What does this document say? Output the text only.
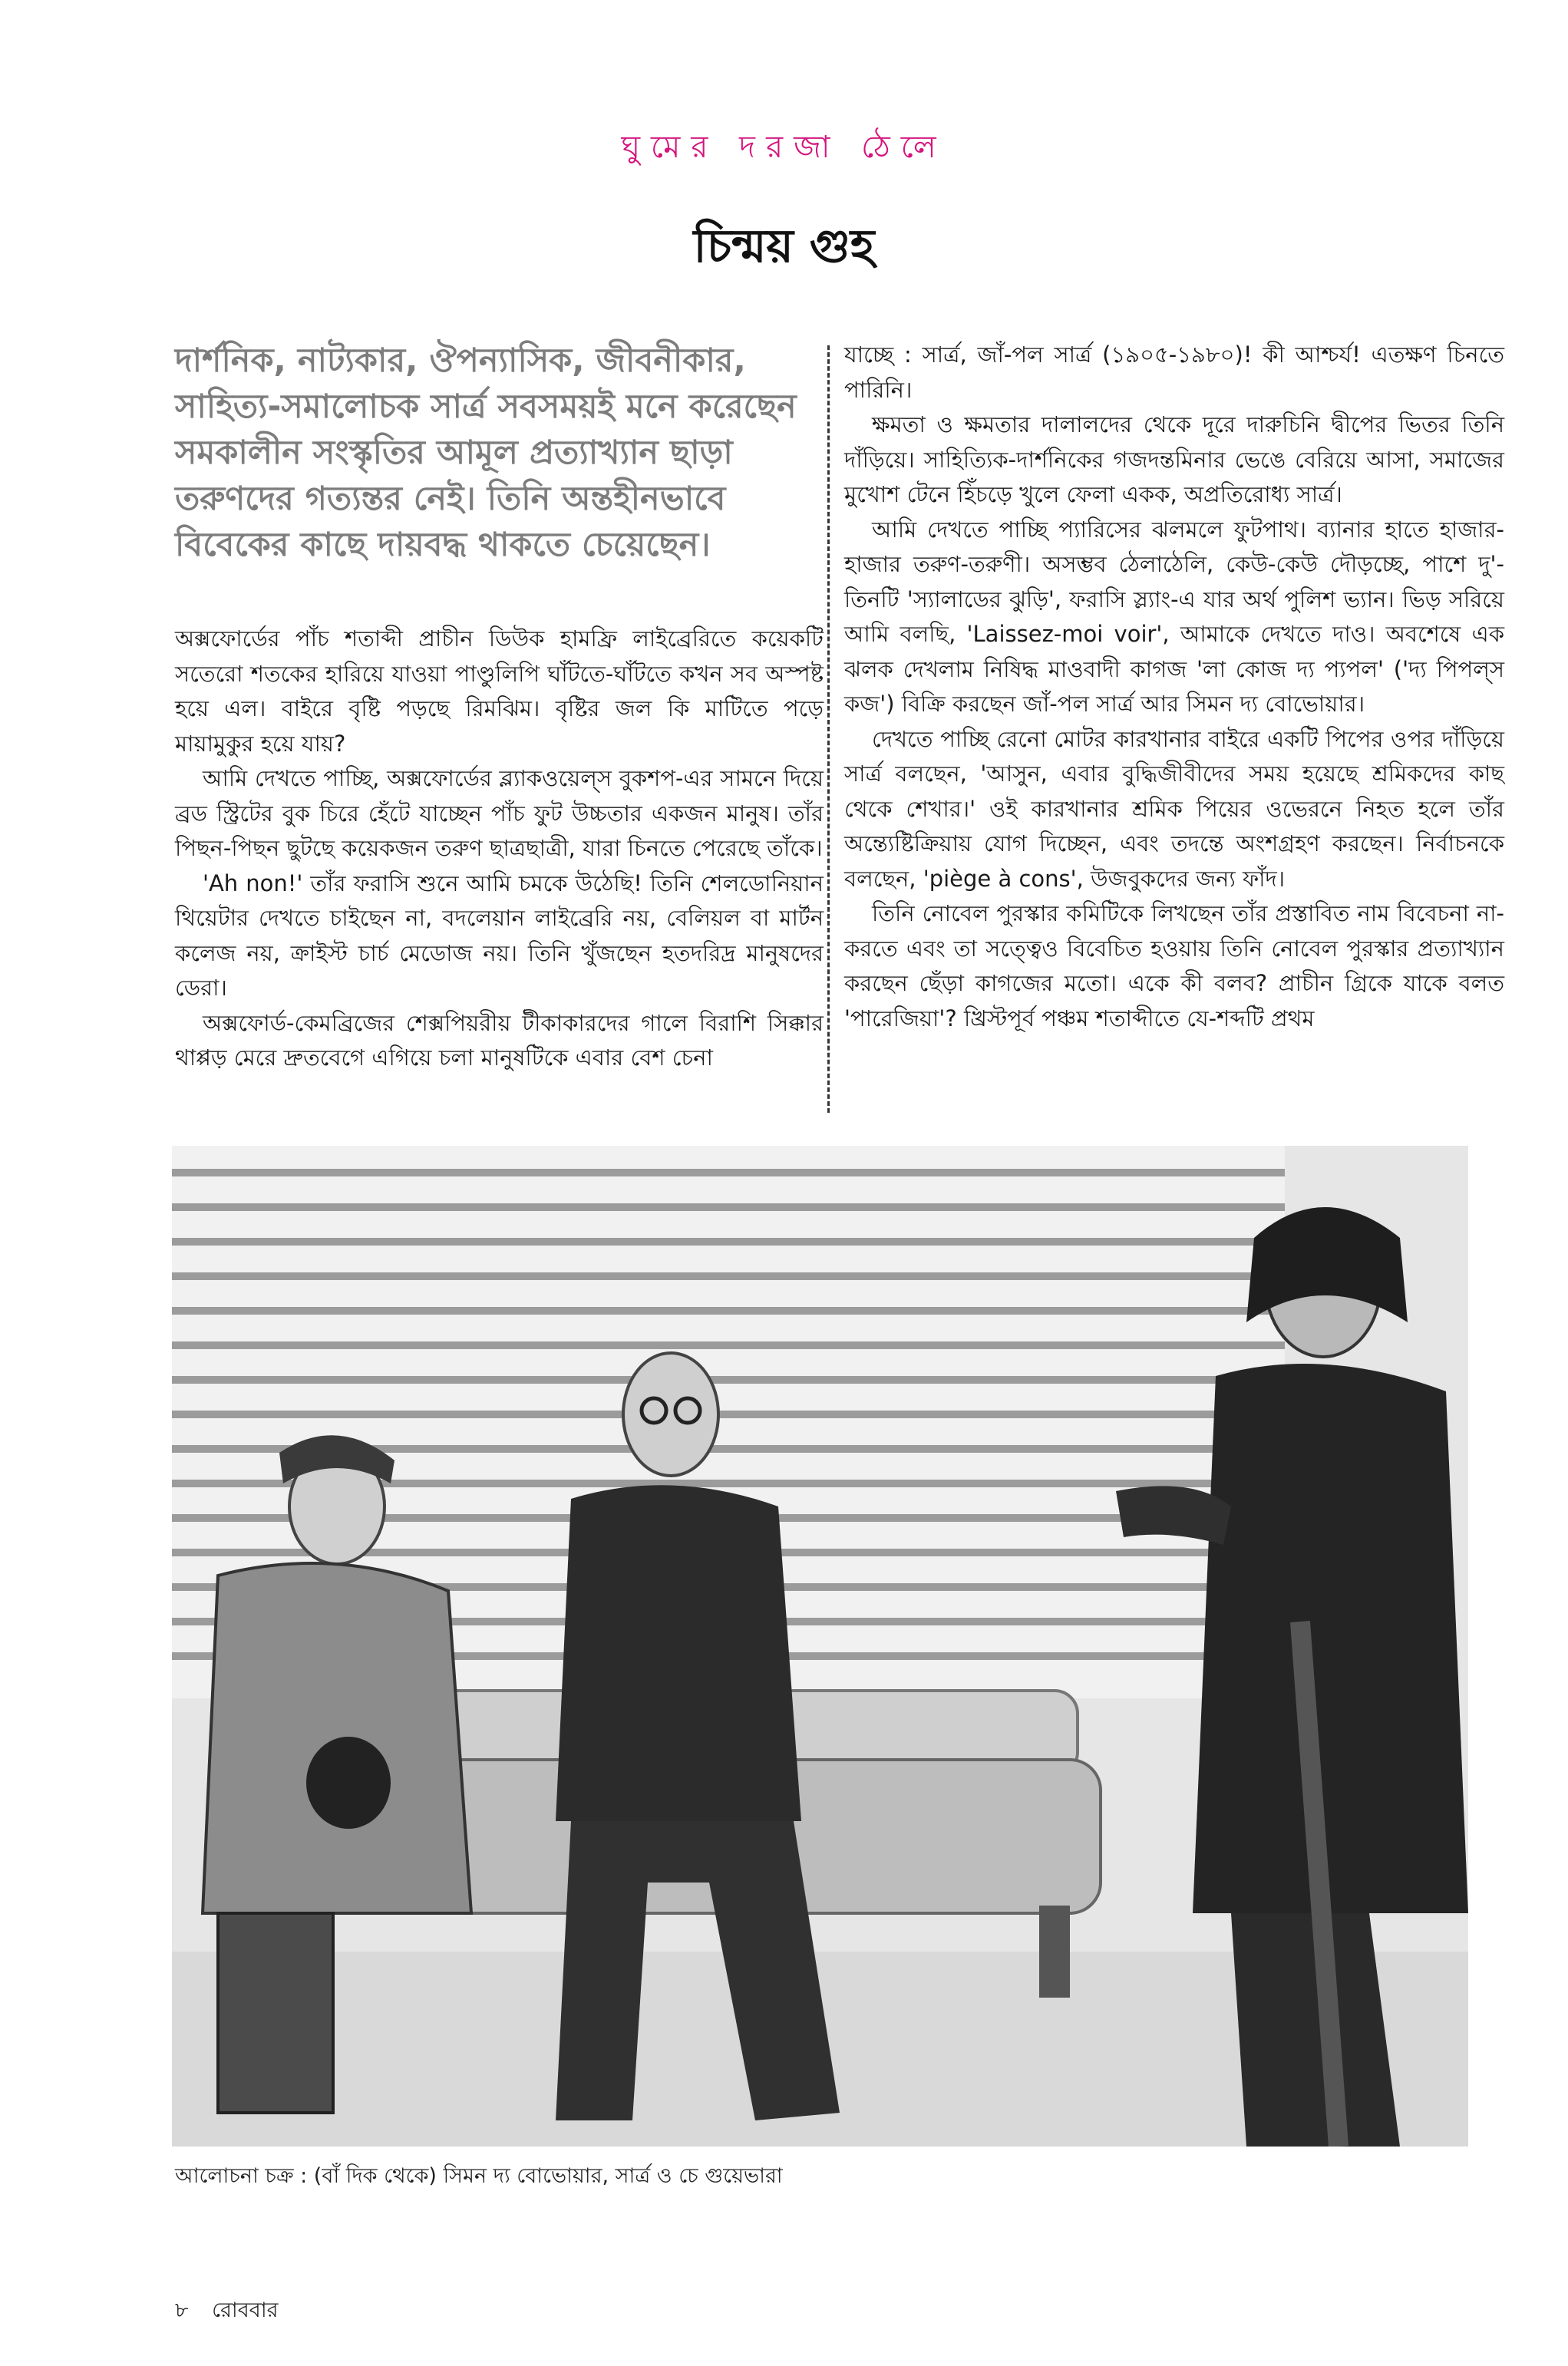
ঘুমের দরজা ঠেলে
চিন্ময় গুহ

দার্শনিক, নাট্যকার, ঔপন্যাসিক, জীবনীকার, সাহিত্য-সমালোচক সার্ত্র সবসময়ই মনে করেছেন সমকালীন সংস্কৃতির আমূল প্রত্যাখ্যান ছাড়া তরুণদের গত্যন্তর নেই। তিনি অন্তহীনভাবে বিবেকের কাছে দায়বদ্ধ থাকতে চেয়েছেন।

অক্সফোর্ডের পাঁচ শতাব্দী প্রাচীন ডিউক হামফ্রি লাইব্রেরিতে কয়েকটি সতেরো শতকের হারিয়ে যাওয়া পাণ্ডুলিপি ঘাঁটতে-ঘাঁটতে কখন সব অস্পষ্ট হয়ে এল। বাইরে বৃষ্টি পড়ছে রিমঝিম। বৃষ্টির জল কি মাটিতে পড়ে মায়ামুকুর হয়ে যায়?

আমি দেখতে পাচ্ছি, অক্সফোর্ডের ব্ল্যাকওয়েল্‌স বুকশপ-এর সামনে দিয়ে ব্রড স্ট্রিটের বুক চিরে হেঁটে যাচ্ছেন পাঁচ ফুট উচ্চতার একজন মানুষ। তাঁর পিছন-পিছন ছুটছে কয়েকজন তরুণ ছাত্রছাত্রী, যারা চিনতে পেরেছে তাঁকে।

'Ah non!' তাঁর ফরাসি শুনে আমি চমকে উঠেছি! তিনি শেলডোনিয়ান থিয়েটার দেখতে চাইছেন না, বদলেয়ান লাইব্রেরি নয়, বেলিয়ল বা মার্টন কলেজ নয়, ক্রাইস্ট চার্চ মেডোজ নয়। তিনি খুঁজছেন হতদরিদ্র মানুষদের ডেরা।

অক্সফোর্ড-কেমব্রিজের শেক্সপিয়রীয় টীকাকারদের গালে বিরাশি সিক্কার থাপ্পড় মেরে দ্রুতবেগে এগিয়ে চলা মানুষটিকে এবার বেশ চেনা

যাচ্ছে : সার্ত্র, জাঁ-পল সার্ত্র (১৯০৫-১৯৮০)! কী আশ্চর্য! এতক্ষণ চিনতে পারিনি।

ক্ষমতা ও ক্ষমতার দালালদের থেকে দূরে দারুচিনি দ্বীপের ভিতর তিনি দাঁড়িয়ে। সাহিত্যিক-দার্শনিকের গজদন্তমিনার ভেঙে বেরিয়ে আসা, সমাজের মুখোশ টেনে হিঁচড়ে খুলে ফেলা একক, অপ্রতিরোধ্য সার্ত্র।

আমি দেখতে পাচ্ছি প্যারিসের ঝলমলে ফুটপাথ। ব্যানার হাতে হাজার-হাজার তরুণ-তরুণী। অসম্ভব ঠেলাঠেলি, কেউ-কেউ দৌড়চ্ছে, পাশে দু'-তিনটি 'স্যালাডের ঝুড়ি', ফরাসি স্ল্যাং-এ যার অর্থ পুলিশ ভ্যান। ভিড় সরিয়ে আমি বলছি, 'Laissez-moi voir', আমাকে দেখতে দাও। অবশেষে এক ঝলক দেখলাম নিষিদ্ধ মাওবাদী কাগজ 'লা কোজ দ্য প্যপল' ('দ্য পিপল্‌স কজ') বিক্রি করছেন জাঁ-পল সার্ত্র আর সিমন দ্য বোভোয়ার।

দেখতে পাচ্ছি রেনো মোটর কারখানার বাইরে একটি পিপের ওপর দাঁড়িয়ে সার্ত্র বলছেন, 'আসুন, এবার বুদ্ধিজীবীদের সময় হয়েছে শ্রমিকদের কাছ থেকে শেখার।' ওই কারখানার শ্রমিক পিয়ের ওভেরনে নিহত হলে তাঁর অন্ত্যেষ্টিক্রিয়ায় যোগ দিচ্ছেন, এবং তদন্তে অংশগ্রহণ করছেন। নির্বাচনকে বলছেন, 'piège à cons', উজবুকদের জন্য ফাঁদ।

তিনি নোবেল পুরস্কার কমিটিকে লিখছেন তাঁর প্রস্তাবিত নাম বিবেচনা না-করতে এবং তা সত্ত্বেও বিবেচিত হওয়ায় তিনি নোবেল পুরস্কার প্রত্যাখ্যান করছেন ছেঁড়া কাগজের মতো। একে কী বলব? প্রাচীন গ্রিকে যাকে বলত 'পারেজিয়া'? খ্রিস্টপূর্ব পঞ্চম শতাব্দীতে যে-শব্দটি প্রথম

আলোচনা চক্র : (বাঁ দিক থেকে) সিমন দ্য বোভোয়ার, সার্ত্র ও চে গুয়েভারা
৮ রোববার
